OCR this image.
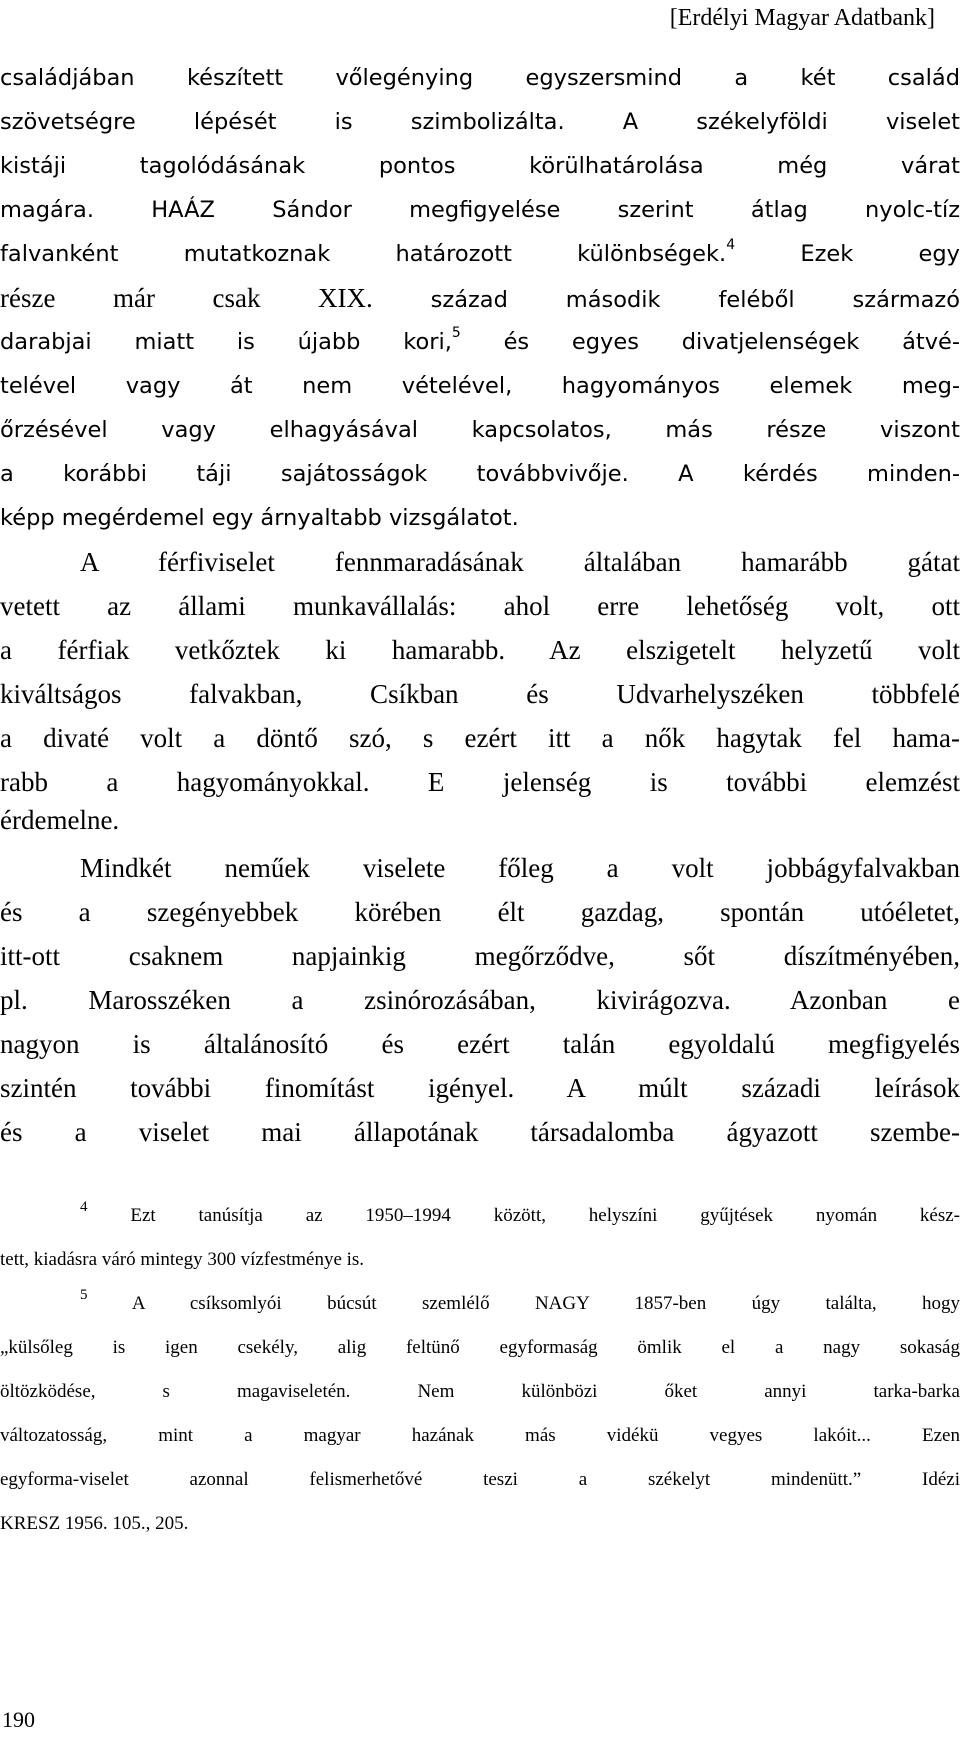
[Erdélyi Magyar Adatbank]
családjában készített vőlegénying egyszersmind a két család
szövetségre lépését is szimbolizálta. A székelyföldi viselet
kistáji tagolódásának pontos körülhatárolása még várat
magára. HAÁZ Sándor megfigyelése szerint átlag nyolc-tíz
falvanként mutatkoznak határozott különbségek.$^4$	Ezek egy
része már csak XIX.	század második feléből származó
darabjai miatt is újabb kori,$^5$ és egyes divatjelenségek átvé-
telével vagy át nem vételével, hagyományos elemek meg-
őrzésével vagy elhagyásával kapcsolatos, más része viszont
a korábbi táji sajátosságok továbbvivője. A kérdés minden-
képp megérdemel egy árnyaltabb vizsgálatot.
A férfiviselet fennmaradásának általában hamarább gátat
vetett az állami munkavállalás: ahol erre lehetőség volt, ott
a férfiak vetkőztek ki hamarabb. Az elszigetelt helyzetű volt
kiváltságos falvakban, Csíkban és Udvarhelyszéken többfelé
a divaté volt a döntő szó, s ezért itt a nők hagytak fel hama-
rabb a hagyományokkal. E jelenség is további elemzést
érdemelne.
Mindkét neműek viselete főleg a volt jobbágyfalvakban
és a szegényebbek körében élt gazdag, spontán utóéletet,
itt-ott csaknem napjainkig megőrződve, sőt díszítményében,
pl. Marosszéken a zsinórozásában, kivirágozva. Azonban e
nagyon is általánosító és ezért talán egyoldalú megfigyelés
szintén további finomítást igényel. A múlt századi leírások
és a viselet mai állapotának társadalomba ágyazott szembe-
$^4$ Ezt tanúsítja az 1950–1994 között, helyszíni gyűjtések nyomán kész-
tett, kiadásra váró mintegy 300 vízfestménye is.
$^5$ A csíksomlyói búcsút szemlélő NAGY 1857-ben úgy találta, hogy
„külsőleg is igen csekély, alig feltünő egyformaság ömlik el a nagy sokaság
öltözködése, s magaviseletén. Nem különbözi őket annyi tarka-barka
változatosság, mint a magyar hazának más vidékü vegyes lakóit... Ezen
egyforma-viselet azonnal felismerhetővé teszi a székelyt mindenütt.” Idézi
KRESZ 1956. 105., 205.
190
